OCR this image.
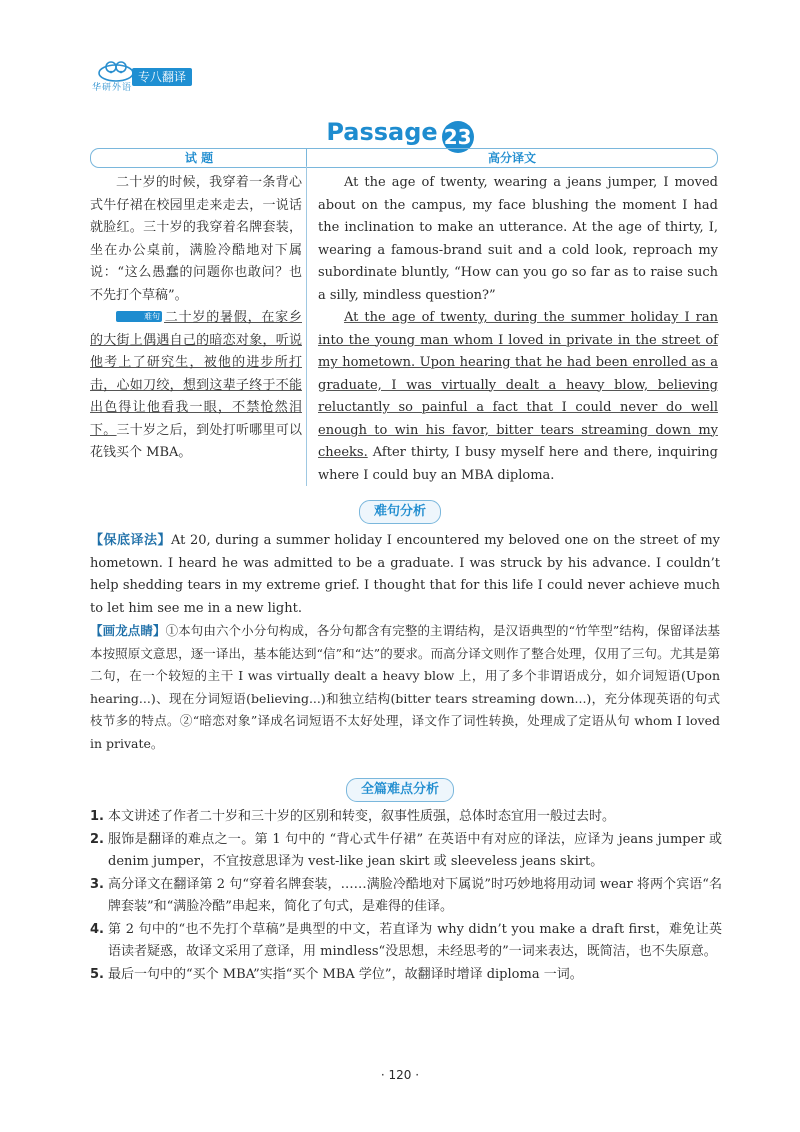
华研外语
专八翻译
Passage 23
试 题	高分译文

二十岁的时候，我穿着一条背心式牛仔裙在校园里走来走去，一说话就脸红。三十岁的我穿着名牌套装，坐在办公桌前，满脸冷酷地对下属说：“这么愚蠢的问题你也敢问？也不先打个草稿”。

难句 二十岁的暑假，在家乡的大街上偶遇自己的暗恋对象，听说他考上了研究生，被他的进步所打击，心如刀绞，想到这辈子终于不能出色得让他看我一眼，不禁怆然泪下。三十岁之后，到处打听哪里可以花钱买个 MBA。

At the age of twenty, wearing a jeans jumper, I moved about on the campus, my face blushing the moment I had the inclination to make an utterance. At the age of thirty, I, wearing a famous-brand suit and a cold look, reproach my subordinate bluntly, “How can you go so far as to raise such a silly, mindless question?”

At the age of twenty, during the summer holiday I ran into the young man whom I loved in private in the street of my hometown. Upon hearing that he had been enrolled as a graduate, I was virtually dealt a heavy blow, believing reluctantly so painful a fact that I could never do well enough to win his favor, bitter tears streaming down my cheeks. After thirty, I busy myself here and there, inquiring where I could buy an MBA diploma.

难句分析

【保底译法】At 20, during a summer holiday I encountered my beloved one on the street of my hometown. I heard he was admitted to be a graduate. I was struck by his advance. I couldn’t help shedding tears in my extreme grief. I thought that for this life I could never achieve much to let him see me in a new light.

【画龙点睛】①本句由六个小分句构成，各分句都含有完整的主谓结构，是汉语典型的“竹竿型”结构，保留译法基本按照原文意思，逐一译出，基本能达到“信”和“达”的要求。而高分译文则作了整合处理，仅用了三句。尤其是第二句，在一个较短的主干 I was virtually dealt a heavy blow 上，用了多个非谓语成分，如介词短语(Upon hearing...)、现在分词短语(believing...)和独立结构(bitter tears streaming down...)，充分体现英语的句式枝节多的特点。②“暗恋对象”译成名词短语不太好处理，译文作了词性转换，处理成了定语从句 whom I loved in private。

全篇难点分析
1. 本文讲述了作者二十岁和三十岁的区别和转变，叙事性质强，总体时态宜用一般过去时。
2. 服饰是翻译的难点之一。第 1 句中的 “背心式牛仔裙” 在英语中有对应的译法，应译为 jeans jumper 或 denim jumper，不宜按意思译为 vest-like jean skirt 或 sleeveless jeans skirt。
3. 高分译文在翻译第 2 句“穿着名牌套装，……满脸冷酷地对下属说”时巧妙地将用动词 wear 将两个宾语“名牌套装”和“满脸冷酷”串起来，简化了句式，是难得的佳译。
4. 第 2 句中的“也不先打个草稿”是典型的中文，若直译为 why didn’t you make a draft first，难免让英语读者疑惑，故译文采用了意译，用 mindless“没思想，未经思考的”一词来表达，既简洁，也不失原意。
5. 最后一句中的“买个 MBA”实指“买个 MBA 学位”，故翻译时增译 diploma 一词。
· 120 ·
